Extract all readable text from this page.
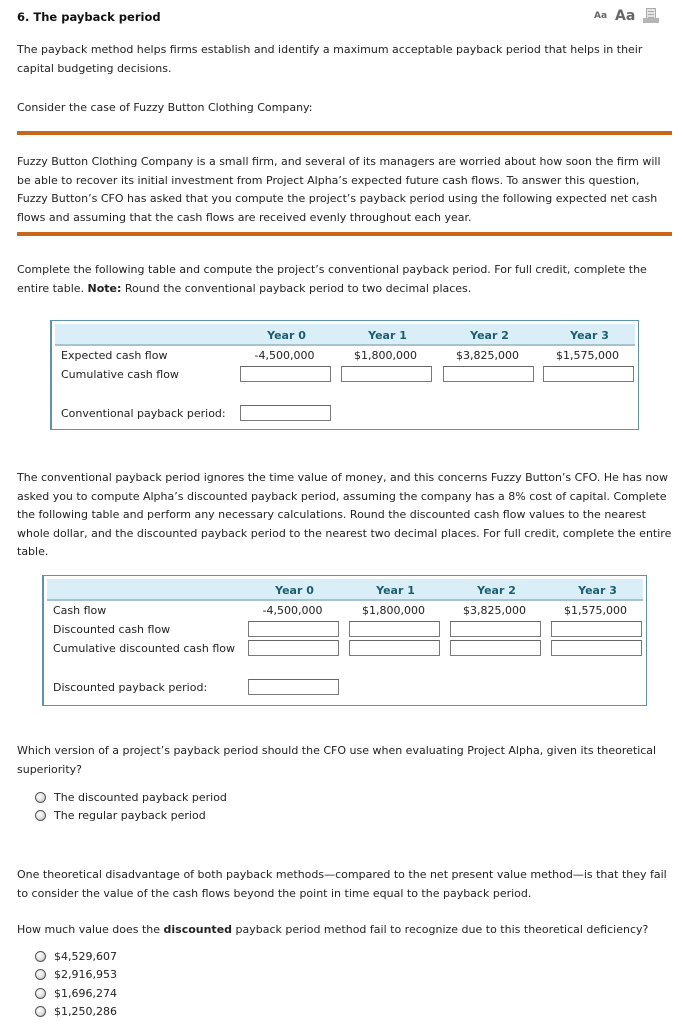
6. The payback period	Aa Aa

The payback method helps firms establish and identify a maximum acceptable payback period that helps in their capital budgeting decisions.

Consider the case of Fuzzy Button Clothing Company:

Fuzzy Button Clothing Company is a small firm, and several of its managers are worried about how soon the firm will be able to recover its initial investment from Project Alpha’s expected future cash flows. To answer this question, Fuzzy Button’s CFO has asked that you compute the project’s payback period using the following expected net cash flows and assuming that the cash flows are received evenly throughout each year.

Complete the following table and compute the project’s conventional payback period. For full credit, complete the entire table. Note: Round the conventional payback period to two decimal places.

Year 0	Year 1	Year 2	Year 3
Expected cash flow	-4,500,000	$1,800,000	$3,825,000	$1,575,000
Cumulative cash flow
Conventional payback period:

The conventional payback period ignores the time value of money, and this concerns Fuzzy Button’s CFO. He has now asked you to compute Alpha’s discounted payback period, assuming the company has a 8% cost of capital. Complete the following table and perform any necessary calculations. Round the discounted cash flow values to the nearest whole dollar, and the discounted payback period to the nearest two decimal places. For full credit, complete the entire table.

Year 0	Year 1	Year 2	Year 3
Cash flow	-4,500,000	$1,800,000	$3,825,000	$1,575,000
Discounted cash flow
Cumulative discounted cash flow
Discounted payback period:

Which version of a project’s payback period should the CFO use when evaluating Project Alpha, given its theoretical superiority?

The discounted payback period
The regular payback period

One theoretical disadvantage of both payback methods—compared to the net present value method—is that they fail to consider the value of the cash flows beyond the point in time equal to the payback period.

How much value does the discounted payback period method fail to recognize due to this theoretical deficiency?

$4,529,607
$2,916,953
$1,696,274
$1,250,286
